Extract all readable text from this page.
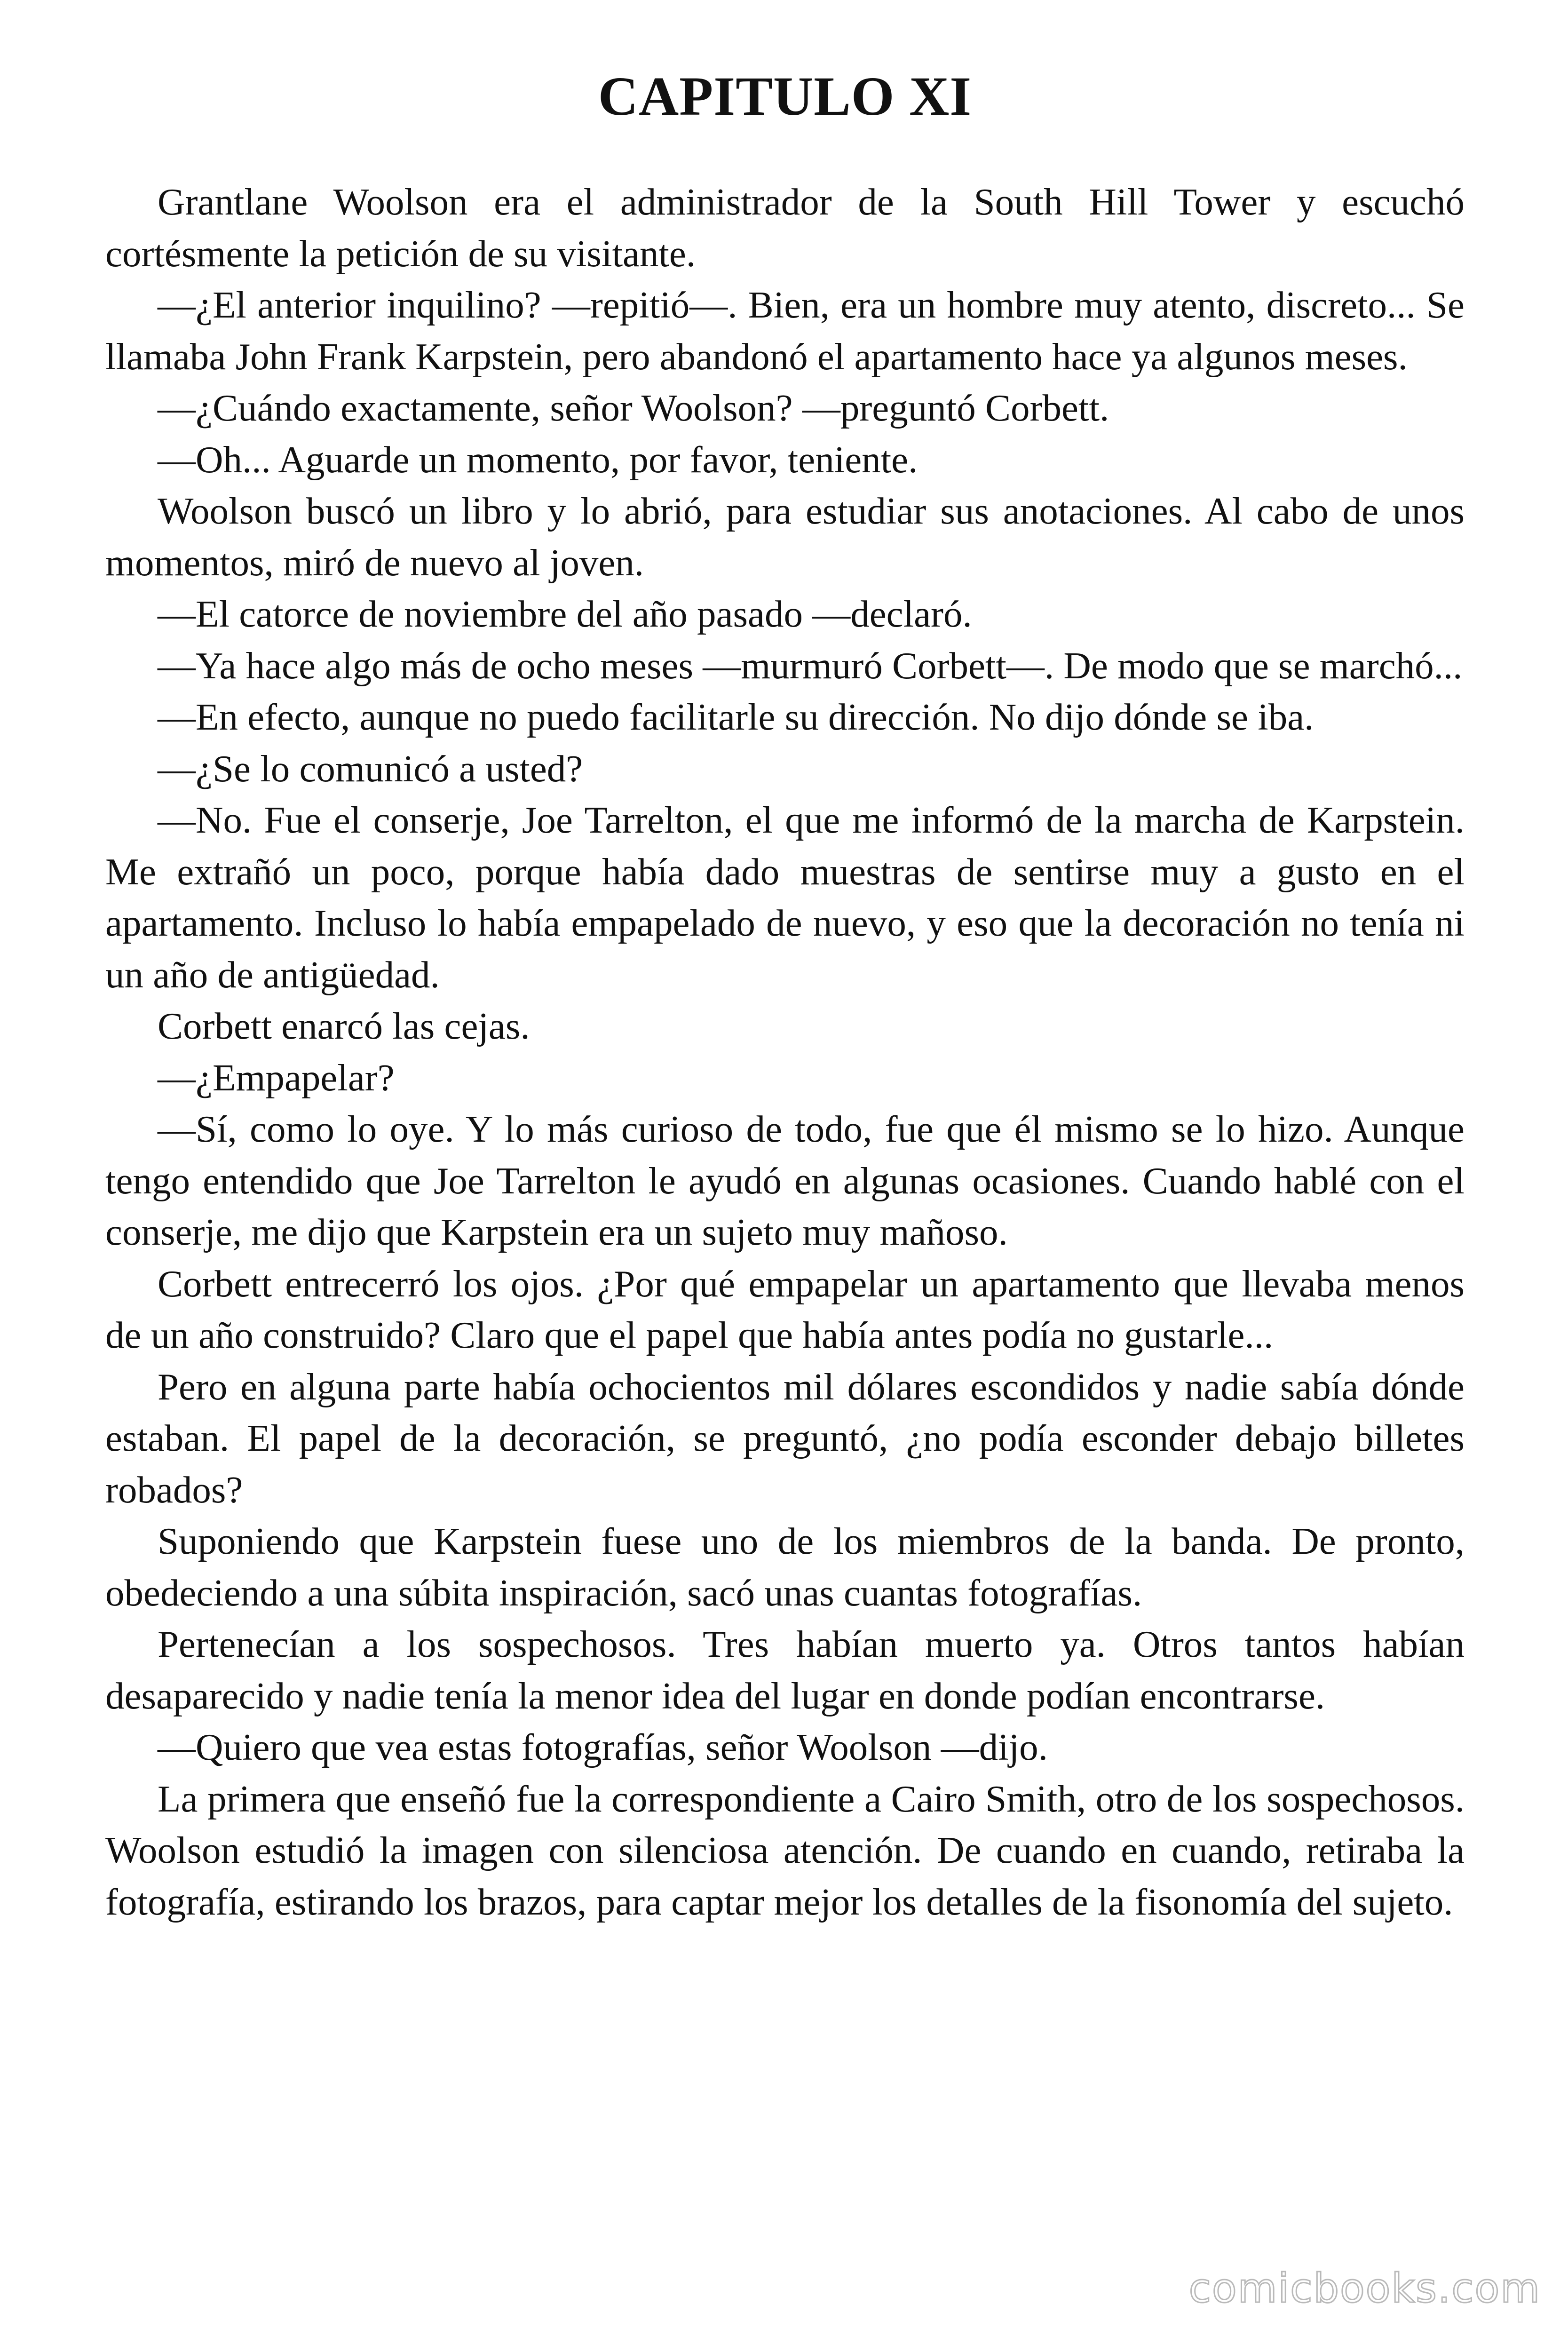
CAPITULO XI

Grantlane Woolson era el administrador de la South Hill Tower y escuchó cortésmente la petición de su visitante.

—¿El anterior inquilino? —repitió—. Bien, era un hombre muy atento, discreto... Se llamaba John Frank Karpstein, pero abandonó el apartamento hace ya algunos meses.

—¿Cuándo exactamente, señor Woolson? —preguntó Corbett.

—Oh... Aguarde un momento, por favor, teniente.

Woolson buscó un libro y lo abrió, para estudiar sus anotaciones. Al cabo de unos momentos, miró de nuevo al joven.

—El catorce de noviembre del año pasado —declaró.

—Ya hace algo más de ocho meses —murmuró Corbett—. De modo que se marchó...

—En efecto, aunque no puedo facilitarle su dirección. No dijo dónde se iba.

—¿Se lo comunicó a usted?

—No. Fue el conserje, Joe Tarrelton, el que me informó de la marcha de Karpstein. Me extrañó un poco, porque había dado muestras de sentirse muy a gusto en el apartamento. Incluso lo había empapelado de nuevo, y eso que la decoración no tenía ni un año de antigüedad.

Corbett enarcó las cejas.

—¿Empapelar?

—Sí, como lo oye. Y lo más curioso de todo, fue que él mismo se lo hizo. Aunque tengo entendido que Joe Tarrelton le ayudó en algunas ocasiones. Cuando hablé con el conserje, me dijo que Karpstein era un sujeto muy mañoso.

Corbett entrecerró los ojos. ¿Por qué empapelar un apartamento que llevaba menos de un año construido? Claro que el papel que había antes podía no gustarle...

Pero en alguna parte había ochocientos mil dólares escondidos y nadie sabía dónde estaban. El papel de la decoración, se preguntó, ¿no podía esconder debajo billetes robados?

Suponiendo que Karpstein fuese uno de los miembros de la banda. De pronto, obedeciendo a una súbita inspiración, sacó unas cuantas fotografías.

Pertenecían a los sospechosos. Tres habían muerto ya. Otros tantos habían desaparecido y nadie tenía la menor idea del lugar en donde podían encontrarse.

—Quiero que vea estas fotografías, señor Woolson —dijo.

La primera que enseñó fue la correspondiente a Cairo Smith, otro de los sospechosos. Woolson estudió la imagen con silenciosa atención. De cuando en cuando, retiraba la fotografía, estirando los brazos, para captar mejor los detalles de la fisonomía del sujeto.

comicbooks.com
